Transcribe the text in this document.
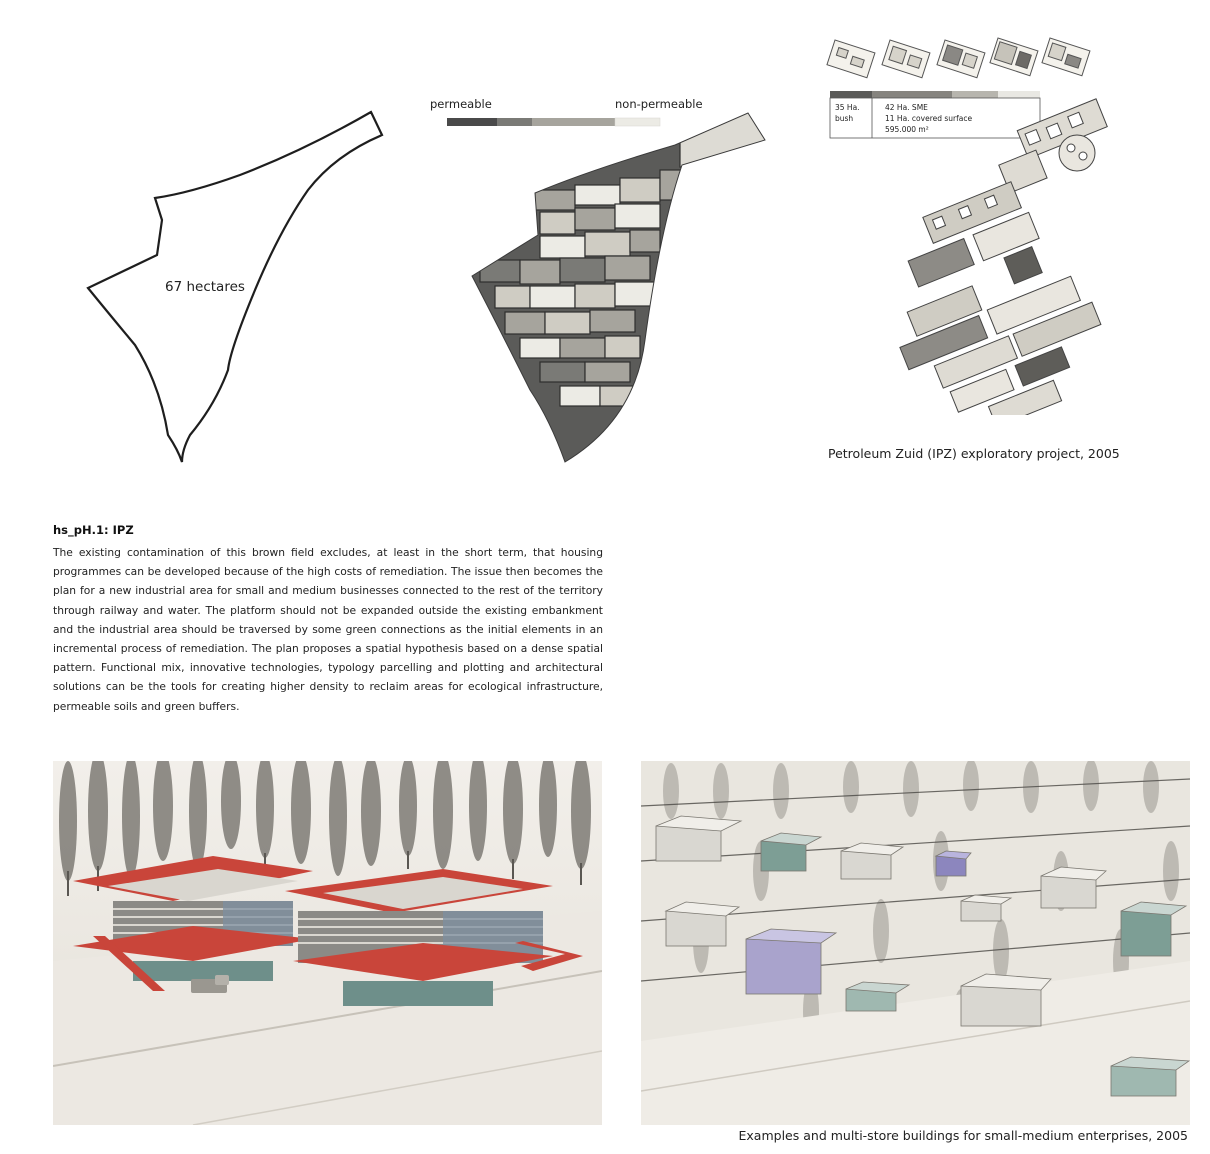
67 hectares
permeable	non-permeable	35 Ha.
bush
42 Ha. SME
11 Ha. covered surface
595.000 m²
Petroleum Zuid (IPZ) exploratory project, 2005

hs_pH.1: IPZ

The existing contamination of this brown field excludes, at least in the short term, that housing programmes can be developed because of the high costs of remediation. The issue then becomes the plan for a new industrial area for small and medium businesses connected to the rest of the territory through railway and water. The platform should not be expanded outside the existing embankment and the industrial area should be traversed by some green connections as the initial elements in an incremental process of remediation. The plan proposes a spatial hypothesis based on a dense spatial pattern. Functional mix, innovative technologies, typology parcelling and plotting and architectural solutions can be the tools for creating higher density to reclaim areas for ecological infrastructure, permeable soils and green buffers.

Examples and multi-store buildings for small-medium enterprises, 2005
